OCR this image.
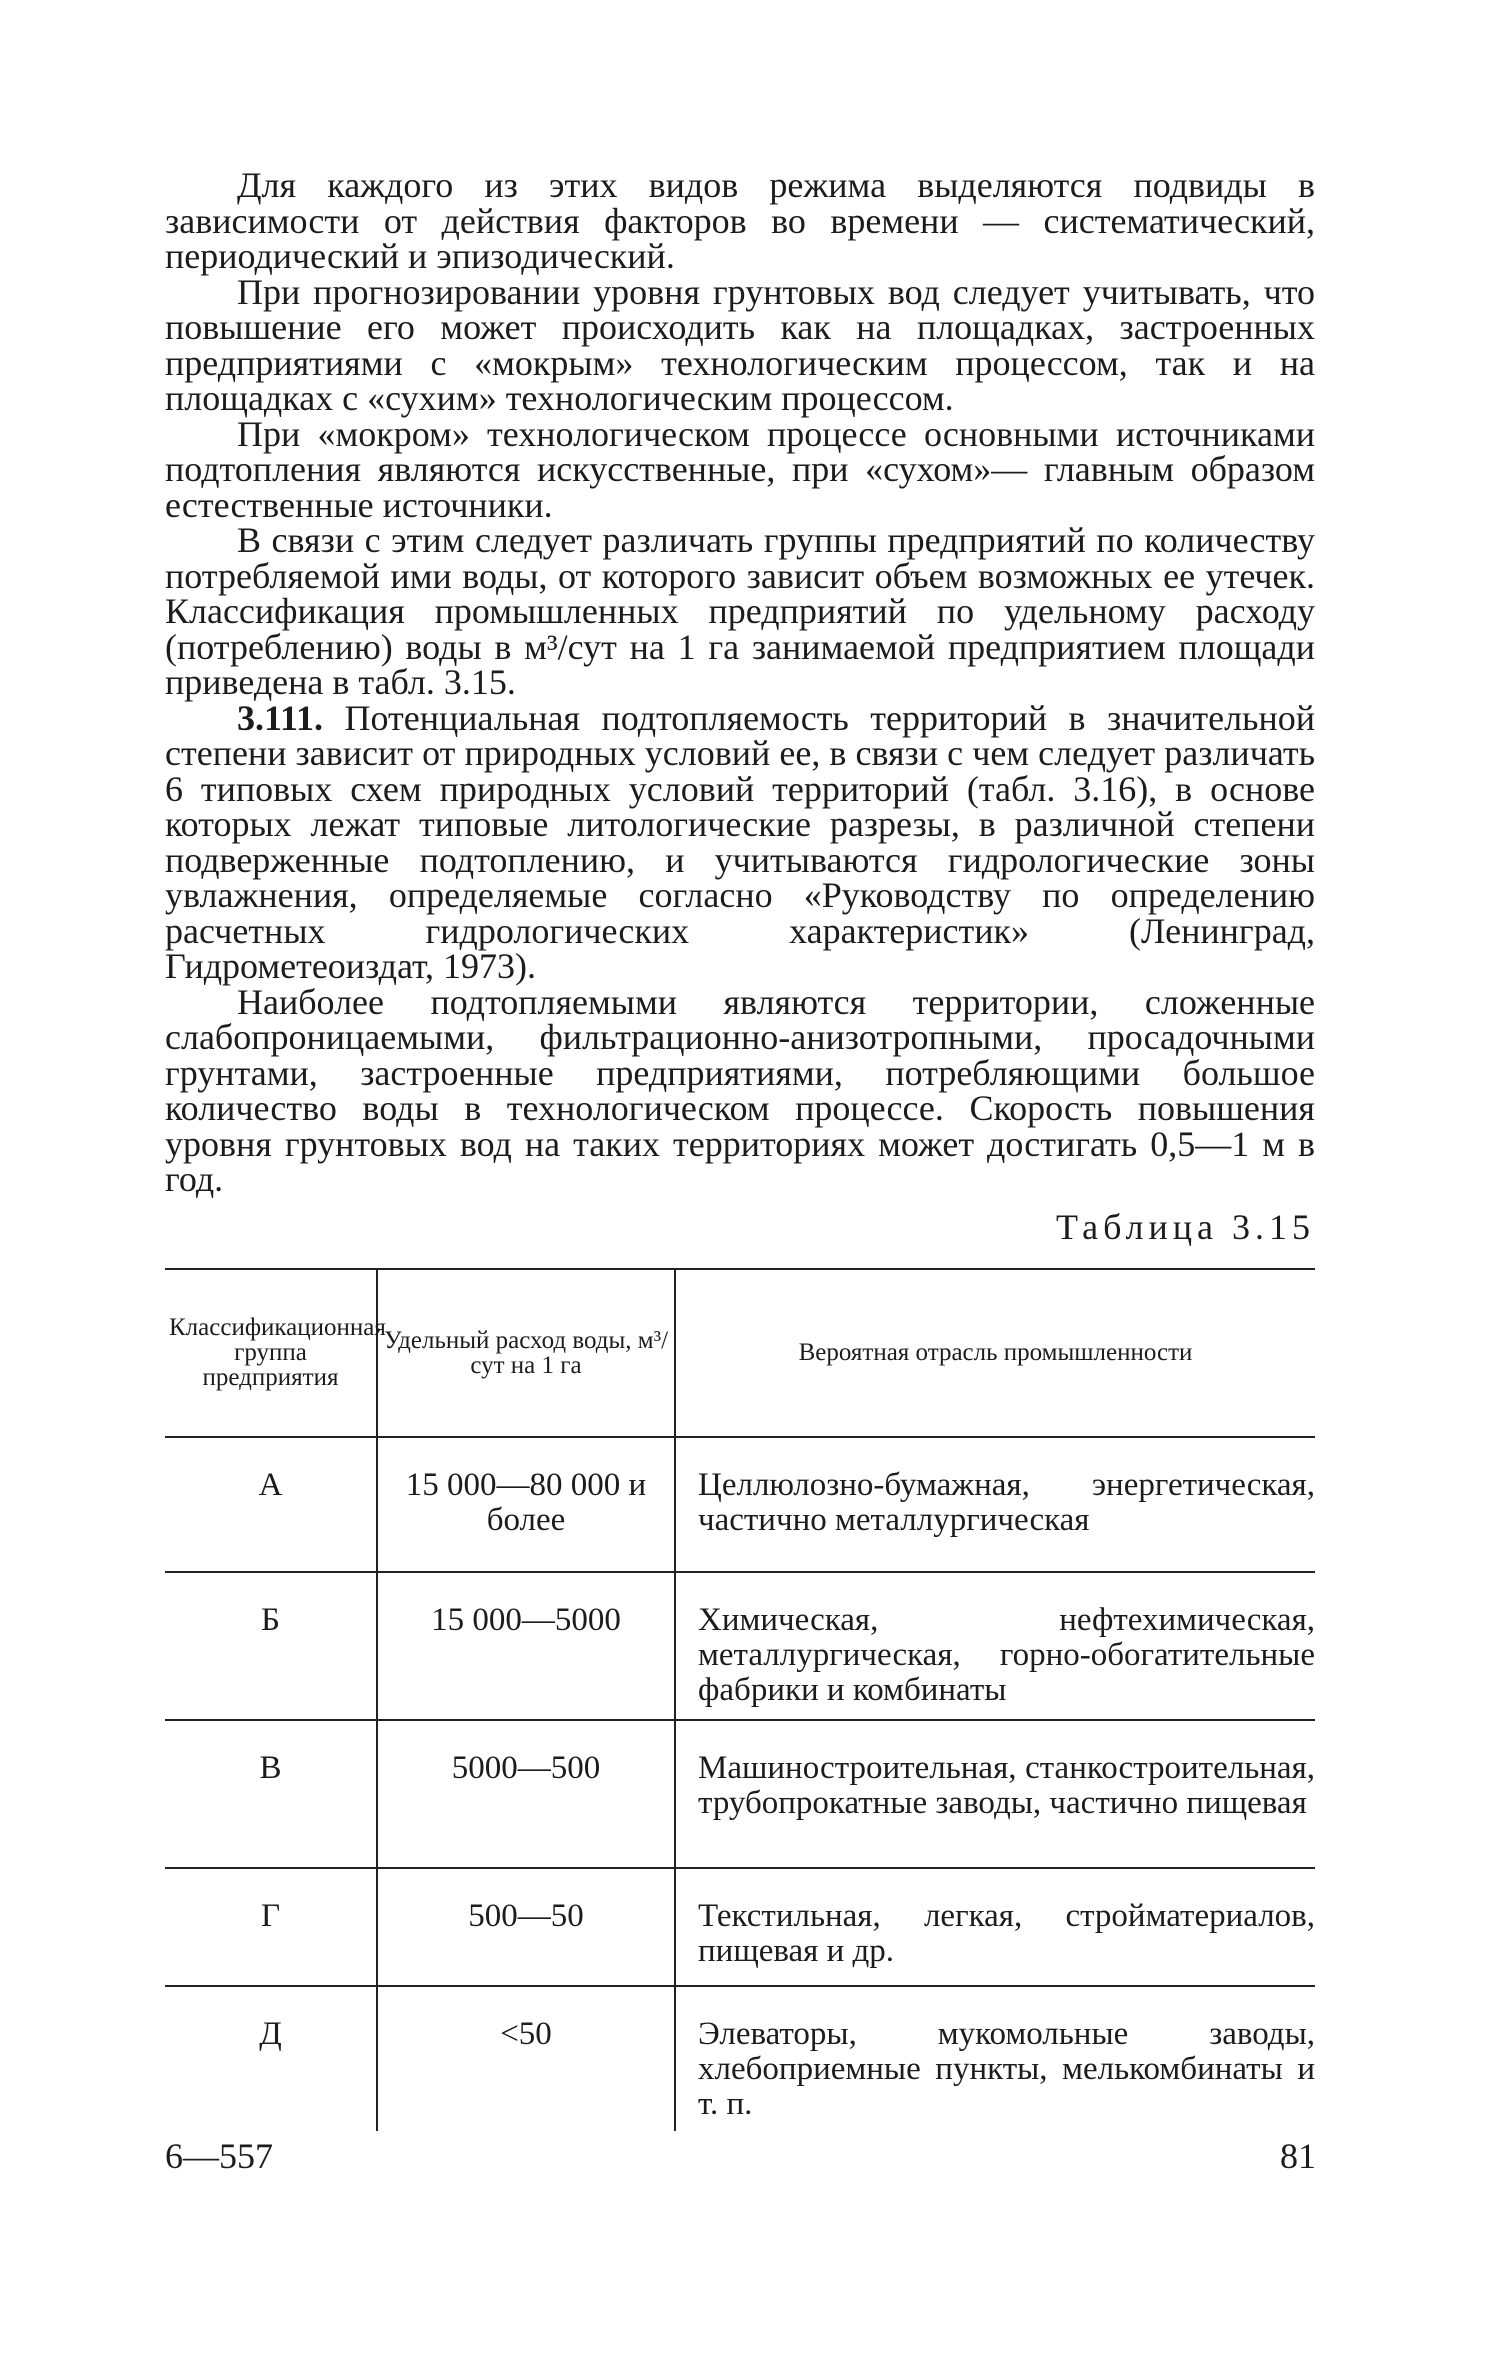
Для каждого из этих видов режима выделяются подвиды в зависимости от действия факторов во времени — систематический, периодический и эпизодический.

При прогнозировании уровня грунтовых вод следует учитывать, что повышение его может происходить как на площадках, застроенных предприятиями с «мокрым» технологическим процессом, так и на площадках с «сухим» технологическим процессом.

При «мокром» технологическом процессе основными источниками подтопления являются искусственные, при «сухом»— главным образом естественные источники.

В связи с этим следует различать группы предприятий по количеству потребляемой ими воды, от которого зависит объем возможных ее утечек. Классификация промышленных предприятий по удельному расходу (потреблению) воды в м³/сут на 1 га занимаемой предприятием площади приведена в табл. 3.15.

3.111. Потенциальная подтопляемость территорий в значительной степени зависит от природных условий ее, в связи с чем следует различать 6 типовых схем природных условий территорий (табл. 3.16), в основе которых лежат типовые литологические разрезы, в различной степени подверженные подтоплению, и учитываются гидрологические зоны увлажнения, определяемые согласно «Руководству по определению расчетных гидрологических характеристик» (Ленинград, Гидрометеоиздат, 1973).

Наиболее подтопляемыми являются территории, сложенные слабопроницаемыми, фильтрационно-анизотропными, просадочными грунтами, застроенные предприятиями, потребляющими большое количество воды в технологическом процессе. Скорость повышения уровня грунтовых вод на таких территориях может достигать 0,5—1 м в год.

Таблица 3.15
Классификационная группа предприятия	Удельный расход воды, м³/сут на 1 га	Вероятная отрасль промышленности
А	15 000—80 000 и более	Целлюлозно-бумажная, энергетическая, частично металлургическая
Б	15 000—5000	Химическая, нефтехимическая, металлургическая, горно-обогатительные фабрики и комбинаты
В	5000—500	Машиностроительная, станкостроительная, трубопрокатные заводы, частично пищевая
Г	500—50	Текстильная, легкая, стройматериалов, пищевая и др.
Д	<50	Элеваторы, мукомольные заводы, хлебоприемные пункты, мелькомбинаты и т. п.
6—557	81
